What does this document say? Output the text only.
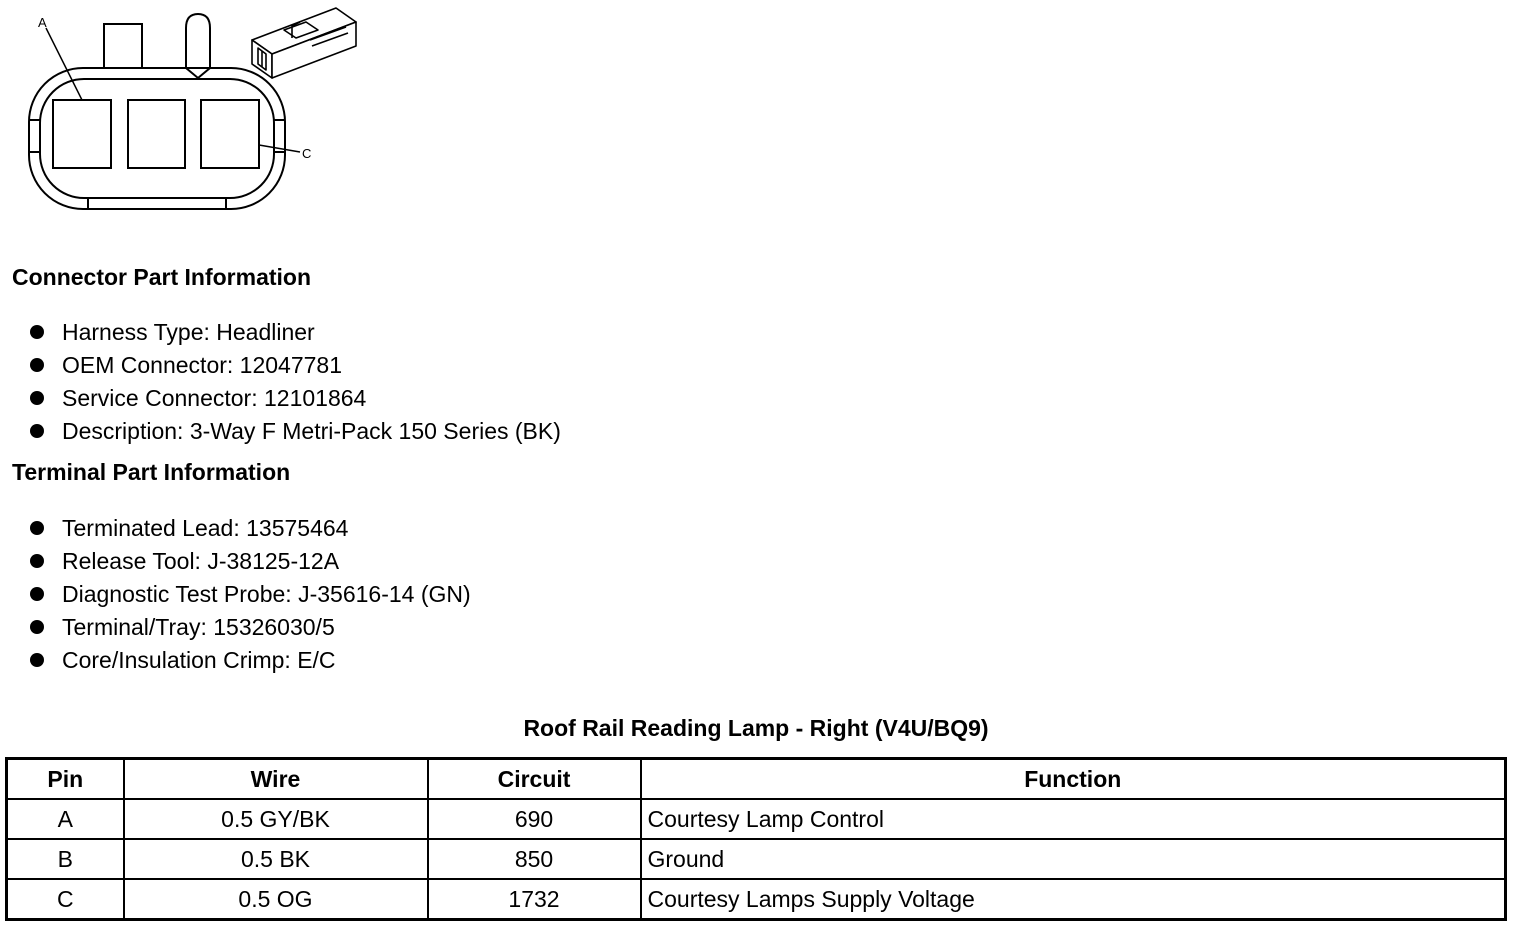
A
C
Connector Part Information
Harness Type: Headliner
OEM Connector: 12047781
Service Connector: 12101864
Description: 3-Way F Metri-Pack 150 Series (BK)
Terminal Part Information
Terminated Lead: 13575464
Release Tool: J-38125-12A
Diagnostic Test Probe: J-35616-14 (GN)
Terminal/Tray: 15326030/5
Core/Insulation Crimp: E/C
Roof Rail Reading Lamp - Right (V4U/BQ9)
Pin	Wire	Circuit	Function
A	0.5 GY/BK	690	Courtesy Lamp Control
B	0.5 BK	850	Ground
C	0.5 OG	1732	Courtesy Lamps Supply Voltage
